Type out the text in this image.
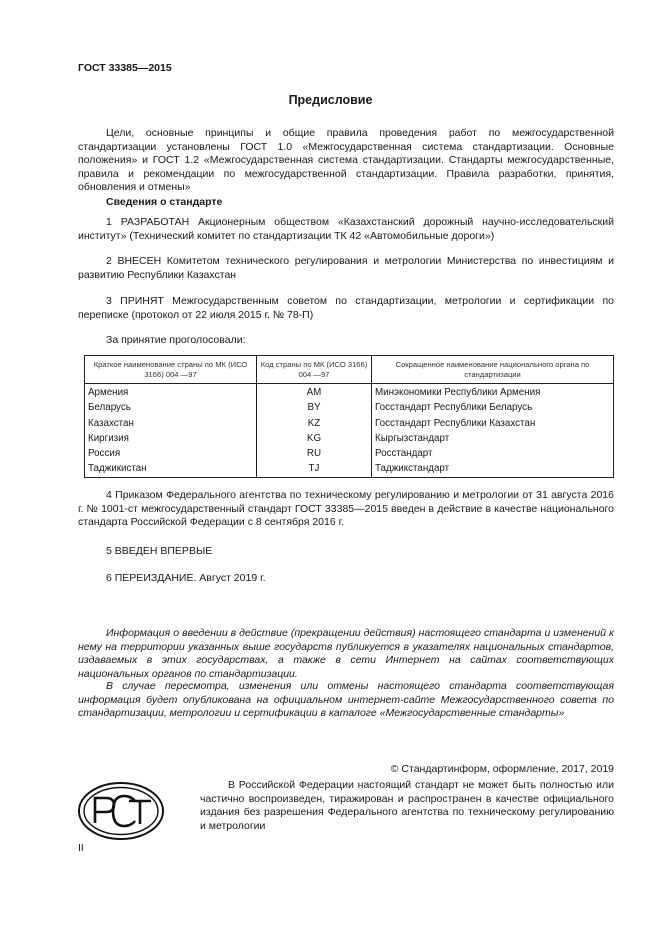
ГОСТ 33385—2015
Предисловие

Цели, основные принципы и общие правила проведения работ по межгосударственной стандартизации установлены ГОСТ 1.0 «Межгосударственная система стандартизации. Основные положения» и ГОСТ 1.2 «Межгосударственная система стандартизации. Стандарты межгосударственные, правила и рекомендации по межгосударственной стандартизации. Правила разработки, принятия, обновления и отмены»

Сведения о стандарте

1 РАЗРАБОТАН Акционерным обществом «Казахстанский дорожный научно-исследовательский институт» (Технический комитет по стандартизации ТК 42 «Автомобильные дороги»)

2 ВНЕСЕН Комитетом технического регулирования и метрологии Министерства по инвестициям и развитию Республики Казахстан

3 ПРИНЯТ Межгосударственным советом по стандартизации, метрологии и сертификации по переписке (протокол от 22 июля 2015 г. № 78-П)

За принятие проголосовали:

Краткое наименование страны по МК (ИСО 3166) 004 —97	Код страны по МК (ИСО 3166) 004 —97	Сокращенное наименование национального органа по стандартизации
Армения	AM	Минэкономики Республики Армения
Беларусь	BY	Госстандарт Республики Беларусь
Казахстан	KZ	Госстандарт Республики Казахстан
Киргизия	KG	Кыргызстандарт
Россия	RU	Росстандарт
Таджикистан	TJ	Таджикстандарт

4 Приказом Федерального агентства по техническому регулированию и метрологии от 31 августа 2016 г. № 1001-ст межгосударственный стандарт ГОСТ 33385—2015 введен в действие в качестве национального стандарта Российской Федерации с 8 сентября 2016 г.

5 ВВЕДЕН ВПЕРВЫЕ

6 ПЕРЕИЗДАНИЕ. Август 2019 г.

Информация о введении в действие (прекращении действия) настоящего стандарта и изменений к нему на территории указанных выше государств публикуется в указателях национальных стандартов, издаваемых в этих государствах, а также в сети Интернет на сайтах соответствующих национальных органов по стандартизации.

В случае пересмотра, изменения или отмены настоящего стандарта соответствующая информация будет опубликована на официальном интернет-сайте Межгосударственного совета по стандартизации, метрологии и сертификации в каталоге «Межгосударственные стандарты»

© Стандартинформ, оформление, 2017, 2019

В Российской Федерации настоящий стандарт не может быть полностью или частично воспроизведен, тиражирован и распространен в качестве официального издания без разрешения Федерального агентства по техническому регулированию и метрологии

II
